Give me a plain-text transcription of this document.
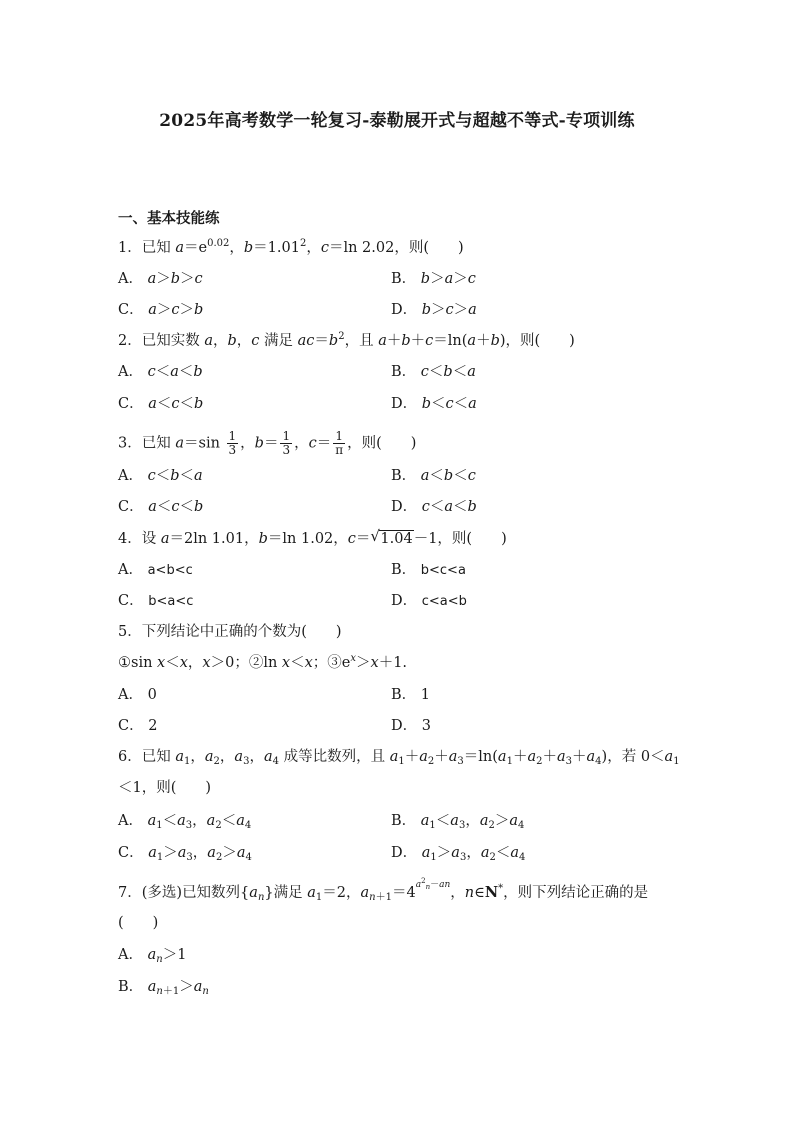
2025年高考数学一轮复习-泰勒展开式与超越不等式-专项训练
一、基本技能练
1．已知 $a=e^{0.02}$，$b=1.01^2$，c＝ln 2.02，则(　　)
A． a＞b＞c	B． b＞a＞c
C． a＞c＞b	D． b＞c＞a
2．已知实数 a，b，c 满足 $ac=b^2$，且 a＋b＋c＝ln(a＋b)，则(　　)
A． c＜a＜b	B． c＜b＜a
C． a＜c＜b	D． b＜c＜a
3．已知 $a=\sin \frac{1}{3}$ ，$b= \frac{1}{3}$ ，$c= \frac{1}{\pi}$ ，则(　　)
A． c＜b＜a	B． a＜b＜c
C． a＜c＜b	D． c＜a＜b
4．设 a＝2ln 1.01，b＝ln 1.02，c＝ √ 1.04－1，则(　　)
A． a<b<c	B． b<c<a
C． b<a<c	D． c<a<b
5．下列结论中正确的个数为(　　)
①sin x＜x，x＞0；②ln x＜x；$③e^x>x+1$.
A． 0	B． 1
C． 2	D． 3
6．已知 $a_1$，$a_2$，$a_3$，$a_4$ 成等比数列，且 $a_1+a_2+a_3=\ln(a_1+a_2+a_3+a_4)$，若 $0<a_1$
＜1，则(　　)
A． $a_1<a_3$，$a_2<a_4$	B． $a_1<a_3$，$a_2>a_4$
C． $a_1>a_3$，$a_2>a_4$	D． $a_1>a_3$，$a_2<a_4$
7．(多选)已知数列$\{a_n\}$满足 $a_1=2$，$a_{n+1}=4^{a^2_n-an}$，n∈N*，则下列结论正确的是
(　　)
A． $a_n>1$
B． $a_{n+1}>a_n$
